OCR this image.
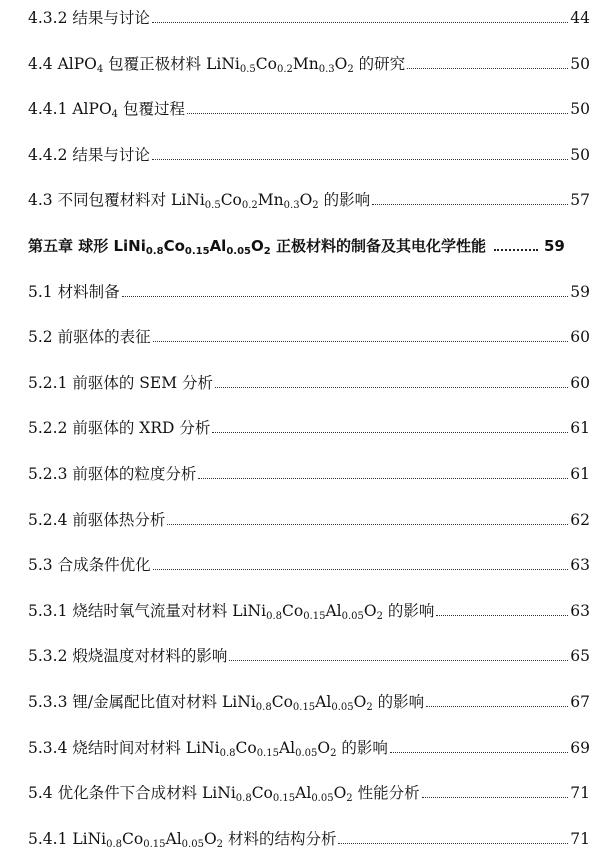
4.3.2 结果与讨论	44
4.4 AlPO$_4$ 包覆正极材料 $LiNi_{0.5}Co_{0.2}Mn_{0.3}O_2$ 的研究	50
4.4.1 AlPO$_4$ 包覆过程	50
4.4.2 结果与讨论	50
4.3 不同包覆材料对 $LiNi_{0.5}Co_{0.2}Mn_{0.3}O_2$ 的影响	57
第五章 球形 $LiNi_{0.8}Co_{0.15}Al_{0.05}O_2$ 正极材料的制备及其电化学性能	59
5.1 材料制备	59
5.2 前驱体的表征	60
5.2.1 前驱体的 SEM 分析	60
5.2.2 前驱体的 XRD 分析	61
5.2.3 前驱体的粒度分析	61
5.2.4 前驱体热分析	62
5.3 合成条件优化	63
5.3.1 烧结时氧气流量对材料 $LiNi_{0.8}Co_{0.15}Al_{0.05}O_2$ 的影响	63
5.3.2 煅烧温度对材料的影响	65
5.3.3 锂/金属配比值对材料 $LiNi_{0.8}Co_{0.15}Al_{0.05}O_2$ 的影响	67
5.3.4 烧结时间对材料 $LiNi_{0.8}Co_{0.15}Al_{0.05}O_2$ 的影响	69
5.4 优化条件下合成材料 $LiNi_{0.8}Co_{0.15}Al_{0.05}O_2$ 性能分析	71
5.4.1 $LiNi_{0.8}Co_{0.15}Al_{0.05}O_2$ 材料的结构分析	71
